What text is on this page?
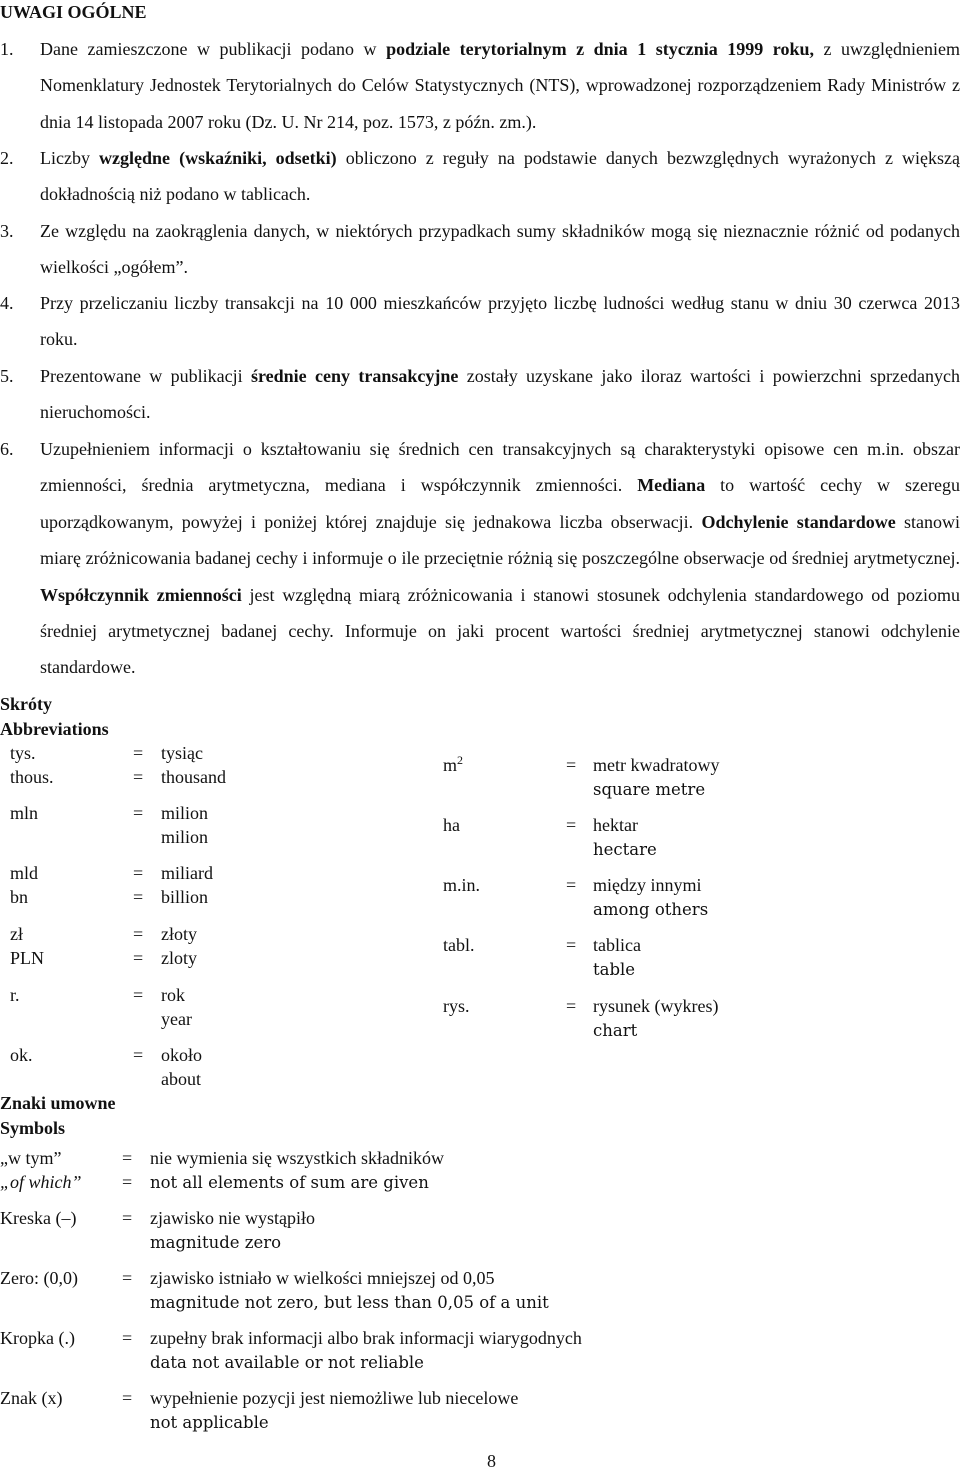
UWAGI OGÓLNE
1. Dane zamieszczone w publikacji podano w podziale terytorialnym z dnia 1 stycznia 1999 roku, z uwzględnieniem Nomenklatury Jednostek Terytorialnych do Celów Statystycznych (NTS), wprowadzonej rozporządzeniem Rady Ministrów z dnia 14 listopada 2007 roku (Dz. U. Nr 214, poz. 1573, z późn. zm.).
2. Liczby względne (wskaźniki, odsetki) obliczono z reguły na podstawie danych bezwzględnych wyrażonych z większą dokładnością niż podano w tablicach.
3. Ze względu na zaokrąglenia danych, w niektórych przypadkach sumy składników mogą się nieznacznie różnić od podanych wielkości „ogółem”.
4. Przy przeliczaniu liczby transakcji na 10 000 mieszkańców przyjęto liczbę ludności według stanu w dniu 30 czerwca 2013 roku.
5. Prezentowane w publikacji średnie ceny transakcyjne zostały uzyskane jako iloraz wartości i powierzchni sprzedanych nieruchomości.
6. Uzupełnieniem informacji o kształtowaniu się średnich cen transakcyjnych są charakterystyki opisowe cen m.in. obszar zmienności, średnia arytmetyczna, mediana i współczynnik zmienności. Mediana to wartość cechy w szeregu uporządkowanym, powyżej i poniżej której znajduje się jednakowa liczba obserwacji. Odchylenie standardowe stanowi miarę zróżnicowania badanej cechy i informuje o ile przeciętnie różnią się poszczególne obserwacje od średniej arytmetycznej. Współczynnik zmienności jest względną miarą zróżnicowania i stanowi stosunek odchylenia standardowego od poziomu średniej arytmetycznej badanej cechy. Informuje on jaki procent wartości średniej arytmetycznej stanowi odchylenie standardowe.
Skróty
Abbreviations
tys.	= tysiąc
thous.	= thousand
mln	= milion
milion
mld	= miliard
bn	= billion
zł	= złoty
PLN	= zloty
r.	= rok
year
ok.	= około
about
$m^2$	= metr kwadratowy
square metre
ha	= hektar
hectare
m.in.	= między innymi
among others
tabl.	= tablica
table
rys.	= rysunek (wykres)
chart
Znaki umowne
Symbols
„w tym”	= nie wymienia się wszystkich składników
„of which” = not all elements of sum are given
Kreska (–)	= zjawisko nie wystąpiło
magnitude zero
Zero: (0,0) = zjawisko istniało w wielkości mniejszej od 0,05
magnitude not zero, but less than 0,05 of a unit
Kropka (.)	= zupełny brak informacji albo brak informacji wiarygodnych
data not available or not reliable
Znak (x)	= wypełnienie pozycji jest niemożliwe lub niecelowe
not applicable
8
